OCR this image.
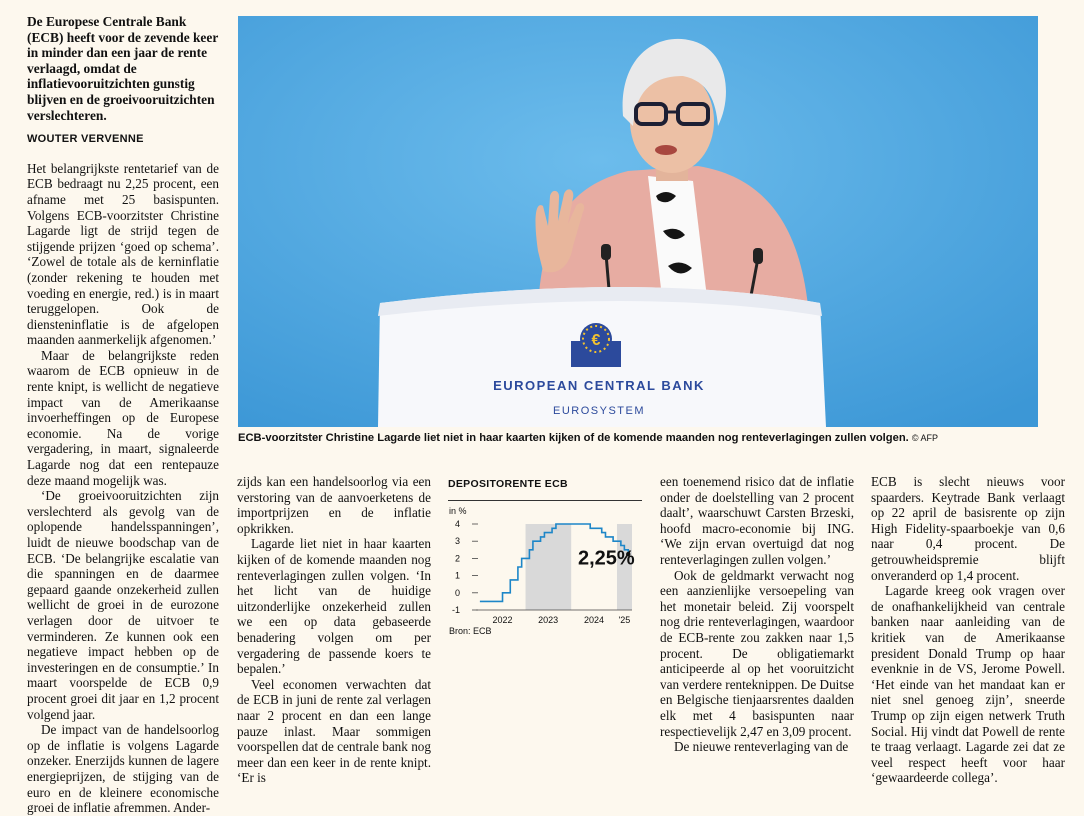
De Europese Centrale Bank (ECB) heeft voor de zevende keer in minder dan een jaar de rente verlaagd, omdat de inflatievooruitzichten gunstig blijven en de groeivooruitzichten verslechteren.
WOUTER VERVENNE

Het belangrijkste rentetarief van de ECB bedraagt nu 2,25 procent, een afname met 25 basispunten. Volgens ECB-voorzitster Christine Lagarde ligt de strijd tegen de stijgende prijzen ‘goed op schema’. ‘Zowel de totale als de kerninflatie (zonder rekening te houden met voeding en energie, red.) is in maart teruggelopen. Ook de diensteninflatie is de afgelopen maanden aanmerkelijk afgenomen.’

Maar de belangrijkste reden waarom de ECB opnieuw in de rente knipt, is wellicht de negatieve impact van de Amerikaanse invoerheffingen op de Europese economie. Na de vorige vergadering, in maart, signaleerde Lagarde nog dat een rentepauze deze maand mogelijk was.

‘De groeivooruitzichten zijn verslechterd als gevolg van de oplopende handelsspanningen’, luidt de nieuwe boodschap van de ECB. ‘De belangrijke escalatie van die spanningen en de daarmee gepaard gaande onzekerheid zullen wellicht de groei in de eurozone verlagen door de uitvoer te verminderen. Ze kunnen ook een negatieve impact hebben op de investeringen en de consumptie.’ In maart voorspelde de ECB 0,9 procent groei dit jaar en 1,2 procent volgend jaar.

De impact van de handelsoorlog op de inflatie is volgens Lagarde onzeker. Enerzijds kunnen de lagere energieprijzen, de stijging van de euro en de kleinere economische groei de inflatie afremmen. Ander-

€
EUROPEAN CENTRAL BANK
EUROSYSTEM
ECB-voorzitster Christine Lagarde liet niet in haar kaarten kijken of de komende maanden nog renteverlagingen zullen volgen. © AFP

zijds kan een handelsoorlog via een verstoring van de aanvoerketens de importprijzen en de inflatie opkrikken.

Lagarde liet niet in haar kaarten kijken of de komende maanden nog renteverlagingen zullen volgen. ‘In het licht van de huidige uitzonderlijke onzekerheid zullen we een op data gebaseerde benadering volgen om per vergadering de passende koers te bepalen.’

Veel economen verwachten dat de ECB in juni de rente zal verlagen naar 2 procent en dan een lange pauze inlast. Maar sommigen voorspellen dat de centrale bank nog meer dan een keer in de rente knipt. ‘Er is

DEPOSITORENTE ECB
in %
-1
0
1
2
3
4
2022	2023	2024 '25
2,25%
Bron: ECB

een toenemend risico dat de inflatie onder de doelstelling van 2 procent daalt’, waarschuwt Carsten Brzeski, hoofd macro-economie bij ING. ‘We zijn ervan overtuigd dat nog renteverlagingen zullen volgen.’

Ook de geldmarkt verwacht nog een aanzienlijke versoepeling van het monetair beleid. Zij voorspelt nog drie renteverlagingen, waardoor de ECB-rente zou zakken naar 1,5 procent. De obligatiemarkt anticipeerde al op het vooruitzicht van verdere renteknippen. De Duitse en Belgische tienjaarsrentes daalden elk met 4 basispunten naar respectievelijk 2,47 en 3,09 procent.

De nieuwe renteverlaging van de

ECB is slecht nieuws voor spaarders. Keytrade Bank verlaagt op 22 april de basisrente op zijn High Fidelity-spaarboekje van 0,6 naar 0,4 procent. De getrouwheidspremie blijft onveranderd op 1,4 procent.

Lagarde kreeg ook vragen over de onafhankelijkheid van centrale banken naar aanleiding van de kritiek van de Amerikaanse president Donald Trump op haar evenknie in de VS, Jerome Powell. ‘Het einde van het mandaat kan er niet snel genoeg zijn’, sneerde Trump op zijn eigen netwerk Truth Social. Hij vindt dat Powell de rente te traag verlaagt. Lagarde zei dat ze veel respect heeft voor haar ‘gewaardeerde collega’.
